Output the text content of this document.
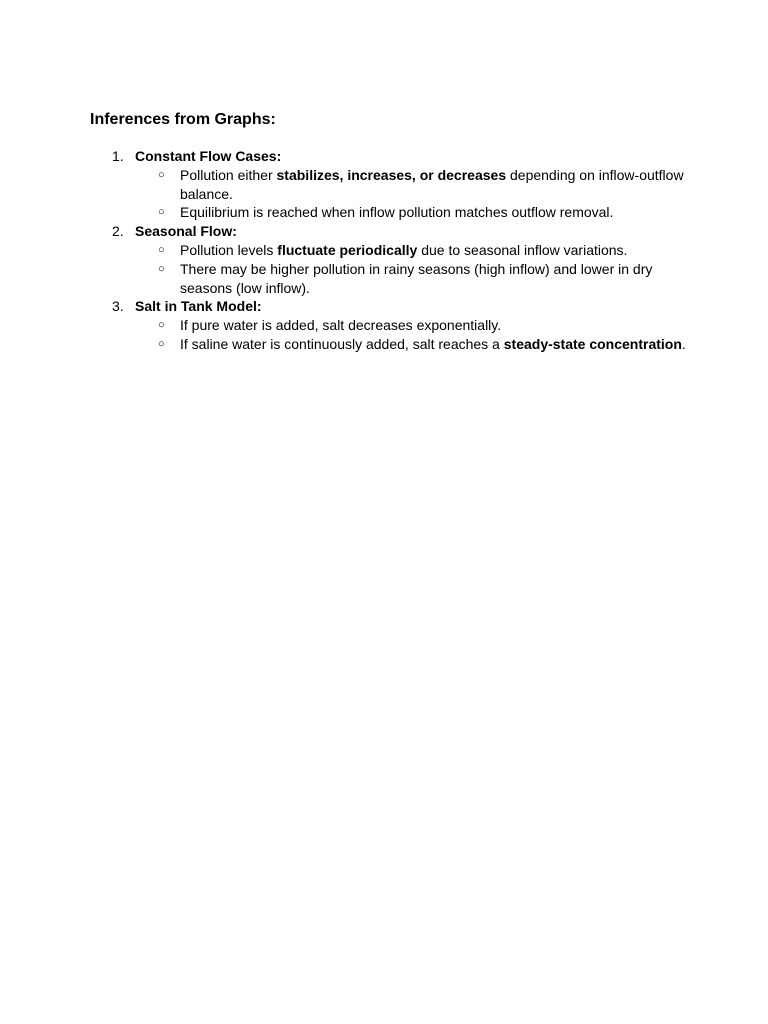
Inferences from Graphs:
1. Constant Flow Cases:
○ Pollution either stabilizes, increases, or decreases depending on inflow-outflow balance.
○ Equilibrium is reached when inflow pollution matches outflow removal.
2. Seasonal Flow:
○ Pollution levels fluctuate periodically due to seasonal inflow variations.
○ There may be higher pollution in rainy seasons (high inflow) and lower in dry seasons (low inflow).
3. Salt in Tank Model:
○ If pure water is added, salt decreases exponentially.
○ If saline water is continuously added, salt reaches a steady-state concentration.
